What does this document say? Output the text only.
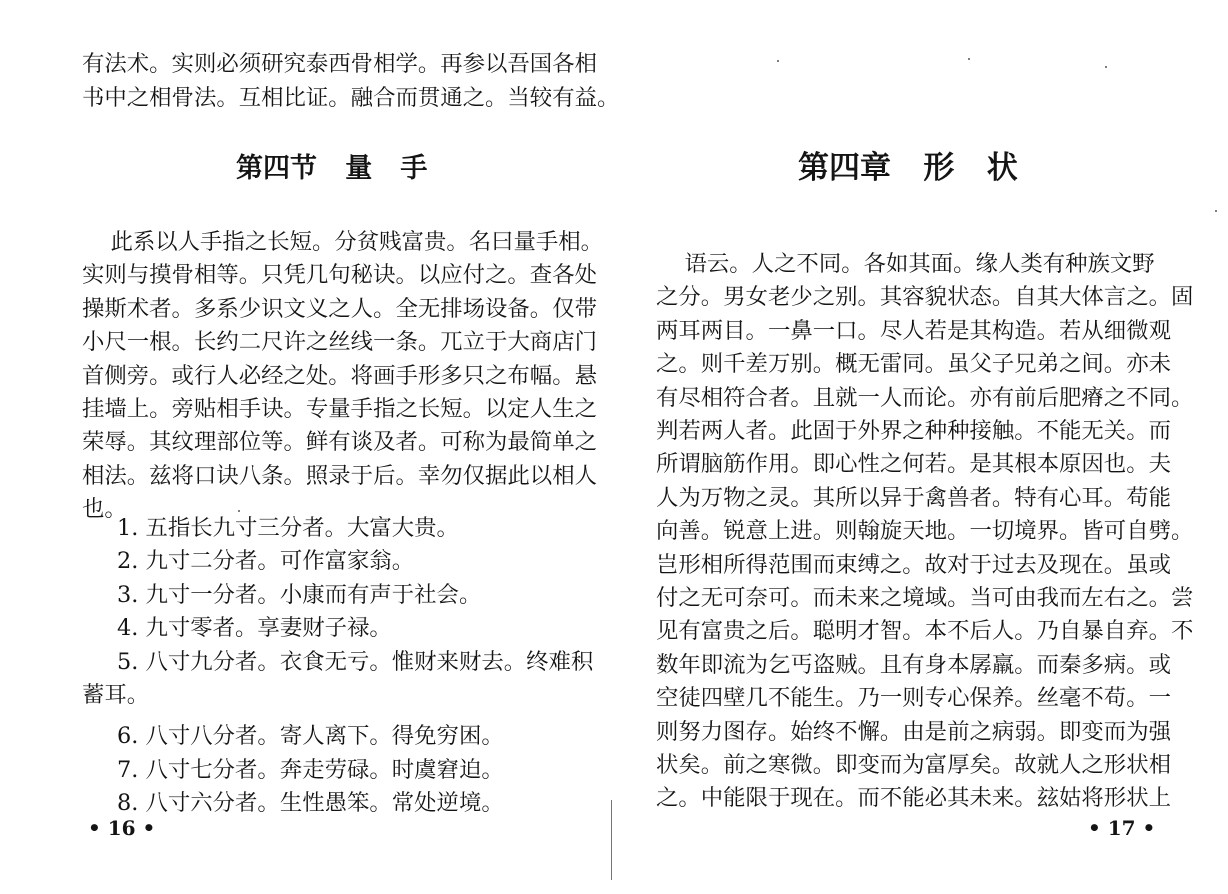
有法术。实则必须研究泰西骨相学。再参以吾国各相
书中之相骨法。互相比证。融合而贯通之。当较有益。
第四节   量   手
此系以人手指之长短。分贫贱富贵。名曰量手相。
实则与摸骨相等。只凭几句秘诀。以应付之。查各处
操斯术者。多系少识文义之人。全无排场设备。仅带
小尺一根。长约二尺许之丝线一条。兀立于大商店门
首侧旁。或行人必经之处。将画手形多只之布幅。悬
挂墙上。旁贴相手诀。专量手指之长短。以定人生之
荣辱。其纹理部位等。鲜有谈及者。可称为最简单之
相法。兹将口诀八条。照录于后。幸勿仅据此以相人
也。
1. 五指长九寸三分者。大富大贵。
2. 九寸二分者。可作富家翁。
3. 九寸一分者。小康而有声于社会。
4. 九寸零者。享妻财子禄。
5. 八寸九分者。衣食无亏。惟财来财去。终难积
蓄耳。
6. 八寸八分者。寄人离下。得免穷困。
7. 八寸七分者。奔走劳碌。时虞窘迫。
8. 八寸六分者。生性愚笨。常处逆境。
• 16 •
第四章   形   状
语云。人之不同。各如其面。缘人类有种族文野
之分。男女老少之别。其容貌状态。自其大体言之。固
两耳两目。一鼻一口。尽人若是其构造。若从细微观
之。则千差万别。概无雷同。虽父子兄弟之间。亦未
有尽相符合者。且就一人而论。亦有前后肥瘠之不同。
判若两人者。此固于外界之种种接触。不能无关。而
所谓脑筋作用。即心性之何若。是其根本原因也。夫
人为万物之灵。其所以异于禽兽者。特有心耳。苟能
向善。锐意上进。则翰旋天地。一切境界。皆可自劈。
岂形相所得范围而束缚之。故对于过去及现在。虽或
付之无可奈可。而未来之境域。当可由我而左右之。尝
见有富贵之后。聪明才智。本不后人。乃自暴自弃。不
数年即流为乞丐盗贼。且有身本孱羸。而秦多病。或
空徒四壁几不能生。乃一则专心保养。丝毫不苟。一
则努力图存。始终不懈。由是前之病弱。即变而为强
状矣。前之寒微。即变而为富厚矣。故就人之形状相
之。中能限于现在。而不能必其未来。玆姑将形状上
• 17 •
